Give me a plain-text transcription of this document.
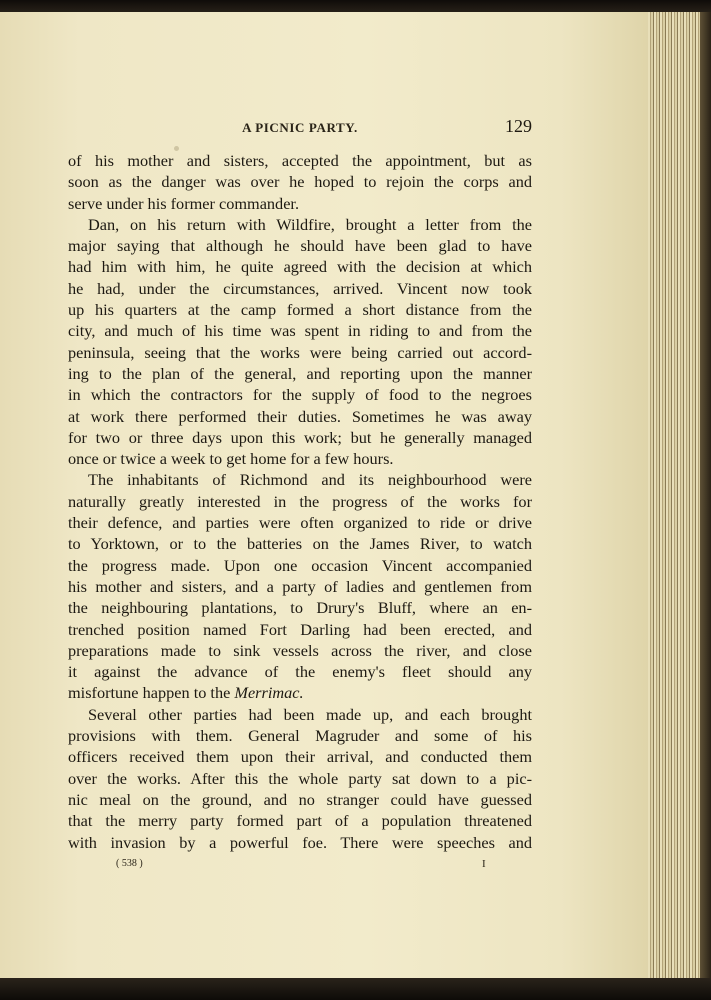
A PICNIC PARTY.	129
of his mother and sisters, accepted the appointment, but as
soon as the danger was over he hoped to rejoin the corps and
serve under his former commander.
Dan, on his return with Wildfire, brought a letter from the
major saying that although he should have been glad to have
had him with him, he quite agreed with the decision at which
he had, under the circumstances, arrived. Vincent now took
up his quarters at the camp formed a short distance from the
city, and much of his time was spent in riding to and from the
peninsula, seeing that the works were being carried out accord-
ing to the plan of the general, and reporting upon the manner
in which the contractors for the supply of food to the negroes
at work there performed their duties. Sometimes he was away
for two or three days upon this work; but he generally managed
once or twice a week to get home for a few hours.
The inhabitants of Richmond and its neighbourhood were
naturally greatly interested in the progress of the works for
their defence, and parties were often organized to ride or drive
to Yorktown, or to the batteries on the James River, to watch
the progress made. Upon one occasion Vincent accompanied
his mother and sisters, and a party of ladies and gentlemen from
the neighbouring plantations, to Drury's Bluff, where an en-
trenched position named Fort Darling had been erected, and
preparations made to sink vessels across the river, and close
it against the advance of the enemy's fleet should any
misfortune happen to the Merrimac.
Several other parties had been made up, and each brought
provisions with them. General Magruder and some of his
officers received them upon their arrival, and conducted them
over the works. After this the whole party sat down to a pic-
nic meal on the ground, and no stranger could have guessed
that the merry party formed part of a population threatened
with invasion by a powerful foe. There were speeches and
( 538 )	I
